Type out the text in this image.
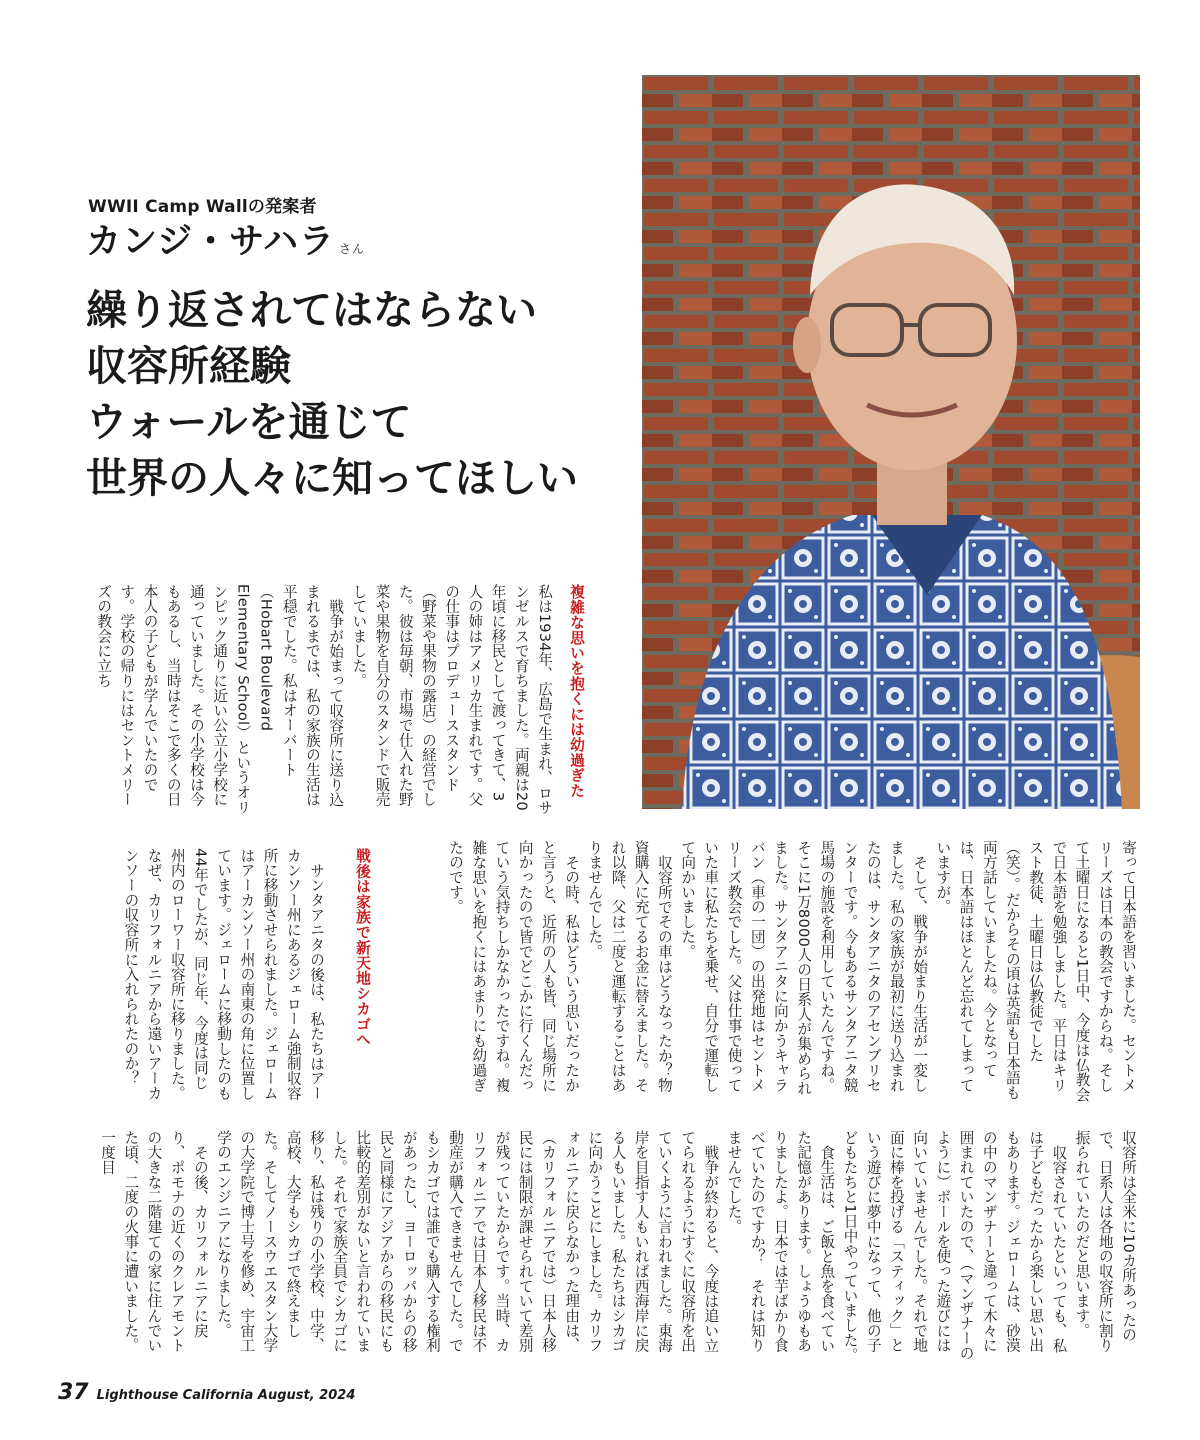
WWII Camp Wallの発案者
カンジ・サハラ さん
繰り返されてはならない
収容所経験
ウォールを通じて
世界の人々に知ってほしい
複雑な思いを抱くには幼過ぎた

私は1934年、広島で生まれ、ロサンゼルスで育ちました。両親は20年頃に移民として渡ってきて、3人の姉はアメリカ生まれです。父の仕事はプロデューススタンド（野菜や果物の露店）の経営でした。彼は毎朝、市場で仕入れた野菜や果物を自分のスタンドで販売していました。

戦争が始まって収容所に送り込まれるまでは、私の家族の生活は平穏でした。私はオーバート（Hobart Boulevard Elementary School）というオリンピック通りに近い公立小学校に通っていました。その小学校は今もあるし、当時はそこで多くの日本人の子どもが学んでいたのです。学校の帰りにはセントメリーズの教会に立ち

寄って日本語を習いました。セントメリーズは日本の教会ですからね。そして土曜日になると1日中、今度は仏教会で日本語を勉強しました。平日はキリスト教徒、土曜日は仏教徒でした（笑）。だからその頃は英語も日本語も両方話していましたね。今となっては、日本語はほとんど忘れてしまっていますが。

そして、戦争が始まり生活が一変しました。私の家族が最初に送り込まれたのは、サンタアニタのアセンブリセンターです。今もあるサンタアニタ競馬場の施設を利用していたんですね。そこに1万8000人の日系人が集められました。サンタアニタに向かうキャラバン（車の一団）の出発地はセントメリーズ教会でした。父は仕事で使っていた車に私たちを乗せ、自分で運転して向かいました。

収容所でその車はどうなったか？物資購入に充てるお金に替えました。それ以降、父は二度と運転することはありませんでした。

その時、私はどういう思いだったかと言うと、近所の人も皆、同じ場所に向かったので皆でどこかに行くんだっていう気持ちしかなかったですね。複雑な思いを抱くにはあまりにも幼過ぎたのです。

戦後は家族で新天地シカゴへ

サンタアニタの後は、私たちはアーカンソー州にあるジェローム強制収容所に移動させられました。ジェロームはアーカンソー州の南東の角に位置しています。ジェロームに移動したのも44年でしたが、同じ年、今度は同じ州内のローワー収容所に移りました。なぜ、カリフォルニアから遠いアーカンソーの収容所に入れられたのか？

収容所は全米に10カ所あったので、日系人は各地の収容所に割り振られていたのだと思います。

収容されていたといっても、私は子どもだったから楽しい思い出もあります。ジェロームは、砂漠の中のマンザナーと違って木々に囲まれていたので、（マンザナーのように）ボールを使った遊びには向いていませんでした。それで地面に棒を投げる「スティック」という遊びに夢中になって、他の子どもたちと1日中やっていました。

食生活は、ご飯と魚を食べていた記憶があります。しょうゆもありましたよ。日本では芋ばかり食べていたのですか？　それは知りませんでした。

戦争が終わると、今度は追い立てられるようにすぐに収容所を出ていくように言われました。東海岸を目指す人もいれば西海岸に戻る人もいました。私たちはシカゴに向かうことにしました。カリフォルニアに戻らなかった理由は、（カリフォルニアでは）日本人移民には制限が課せられていて差別が残っていたからです。当時、カリフォルニアでは日本人移民は不動産が購入できませんでした。でもシカゴでは誰でも購入する権利があったし、ヨーロッパからの移民と同様にアジアからの移民にも比較的差別がないと言われていました。それで家族全員でシカゴに移り、私は残りの小学校、中学、高校、大学もシカゴで終えました。そしてノースウエスタン大学の大学院で博士号を修め、宇宙工学のエンジニアになりました。

その後、カリフォルニアに戻り、ポモナの近くのクレアモントの大きな二階建ての家に住んでいた頃、二度の火事に遭いました。一度目

37 Lighthouse California August, 2024
